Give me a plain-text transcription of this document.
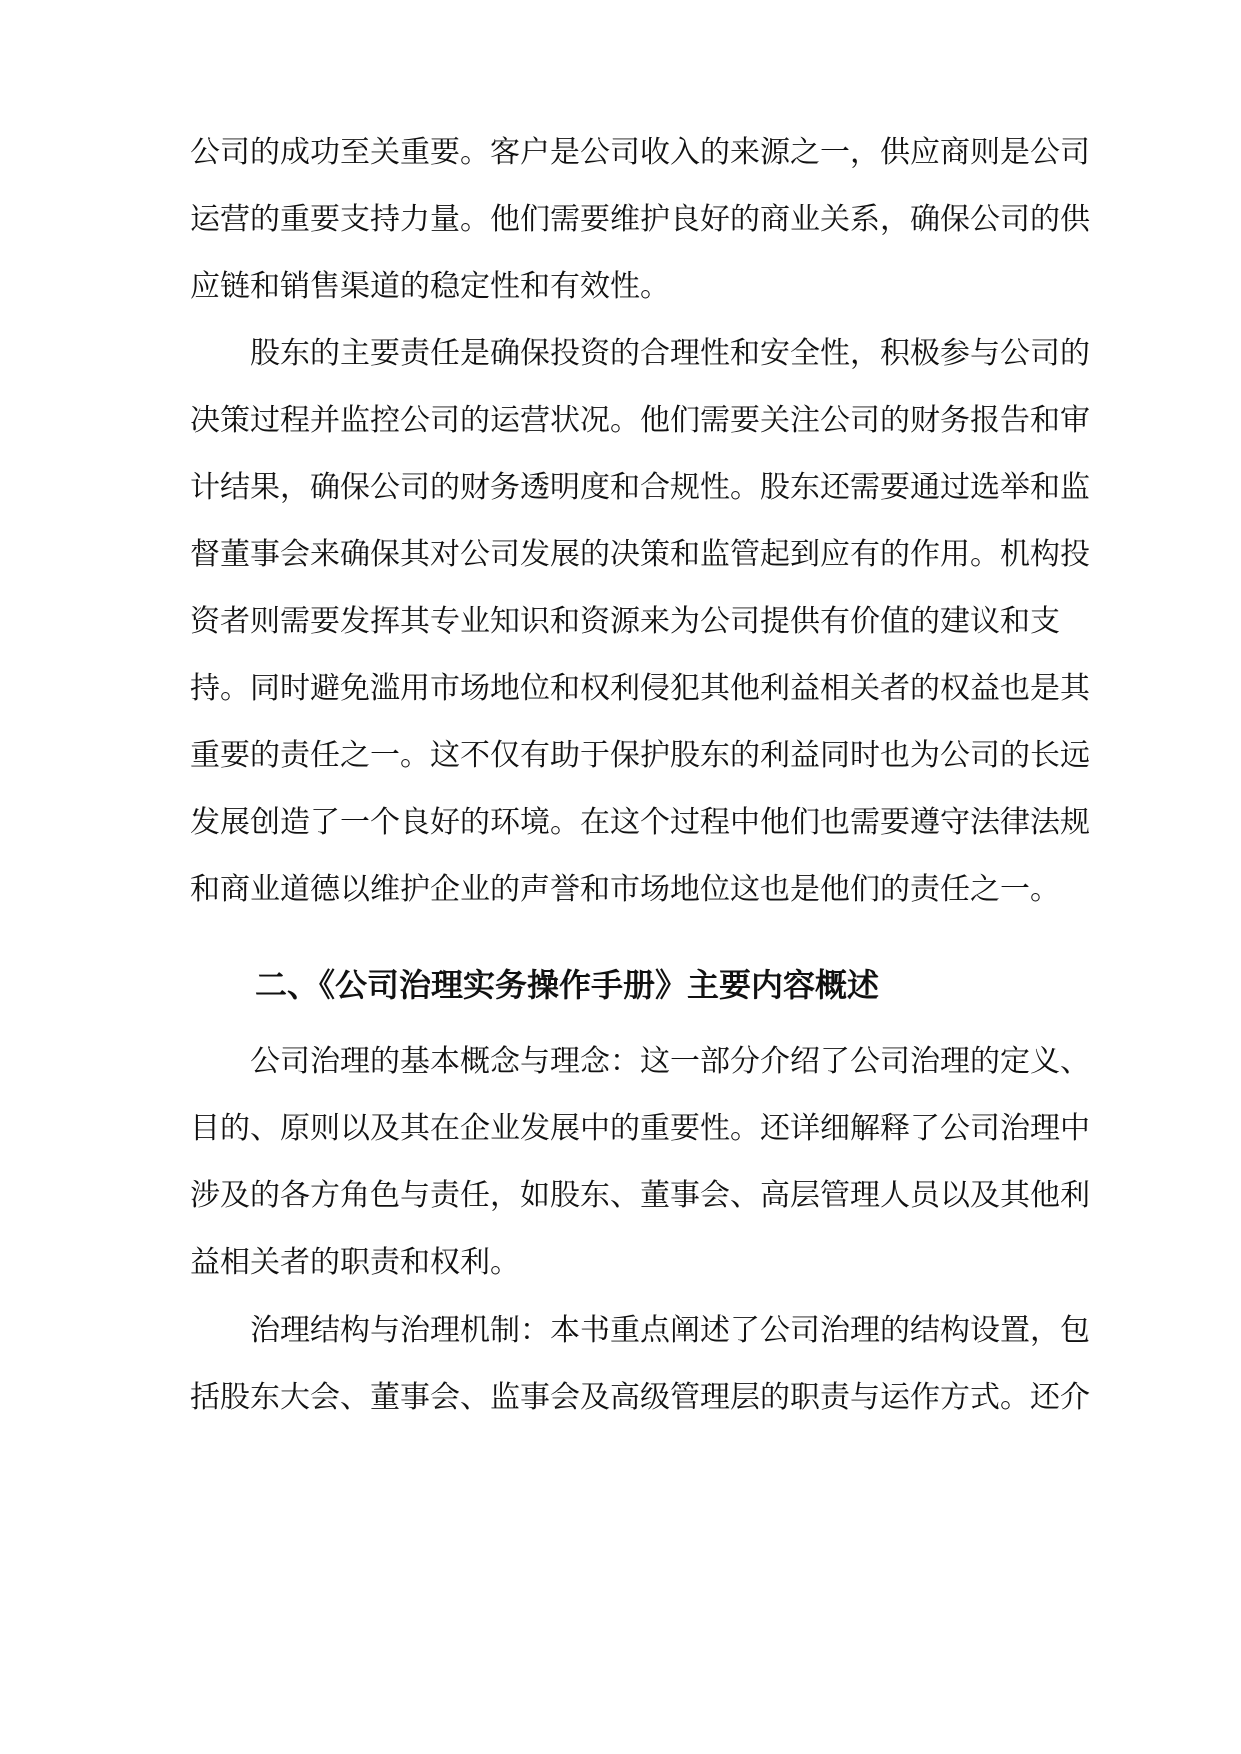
公司的成功至关重要。客户是公司收入的来源之一，供应商则是公司
运营的重要支持力量。他们需要维护良好的商业关系，确保公司的供
应链和销售渠道的稳定性和有效性。
股东的主要责任是确保投资的合理性和安全性，积极参与公司的
决策过程并监控公司的运营状况。他们需要关注公司的财务报告和审
计结果，确保公司的财务透明度和合规性。股东还需要通过选举和监
督董事会来确保其对公司发展的决策和监管起到应有的作用。机构投
资者则需要发挥其专业知识和资源来为公司提供有价值的建议和支
持。同时避免滥用市场地位和权利侵犯其他利益相关者的权益也是其
重要的责任之一。这不仅有助于保护股东的利益同时也为公司的长远
发展创造了一个良好的环境。在这个过程中他们也需要遵守法律法规
和商业道德以维护企业的声誉和市场地位这也是他们的责任之一。
二、《公司治理实务操作手册》主要内容概述
公司治理的基本概念与理念：这一部分介绍了公司治理的定义、
目的、原则以及其在企业发展中的重要性。还详细解释了公司治理中
涉及的各方角色与责任，如股东、董事会、高层管理人员以及其他利
益相关者的职责和权利。
治理结构与治理机制：本书重点阐述了公司治理的结构设置，包
括股东大会、董事会、监事会及高级管理层的职责与运作方式。还介
